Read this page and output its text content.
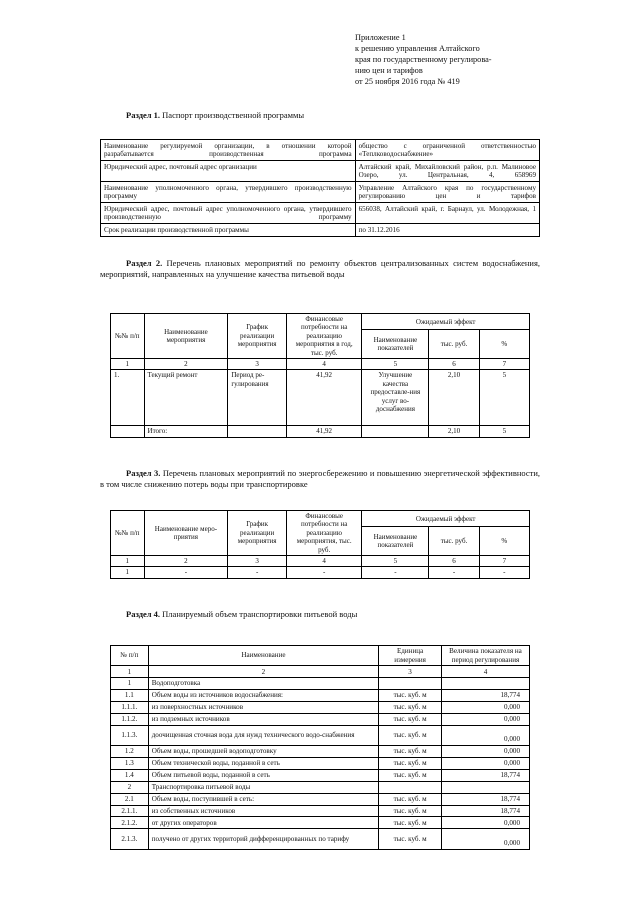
Приложение 1
к решению управления Алтайского
края по государственному регулирова-
нию цен и тарифов
от 25 ноября 2016 года № 419

Раздел 1. Паспорт производственной программы

Наименование регулируемой организации, в отношении которой разрабатывается производственная программа	общество с ограниченной ответственностью «Теплководоснабжение»
Юридический адрес, почтовый адрес организации	Алтайский край, Михайловский район, р.п. Малиновое Озеро, ул. Центральная, 4, 658969
Наименование уполномоченного органа, утвердившего производственную программу	Управление Алтайского края по государственному регулированию цен и тарифов
Юридический адрес, почтовый адрес уполномоченного органа, утвердившего производственную программу	656038, Алтайский край, г. Барнаул, ул. Молодежная, 1
Срок реализации производственной программы	по 31.12.2016

Раздел 2. Перечень плановых мероприятий по ремонту объектов централизованных систем водоснабжения, мероприятий, направленных на улучшение качества питьевой воды

№№ п/п	Наименование мероприятия	График реализации мероприятия	Финансовые потребности на реализацию мероприятия в год, тыс. руб.	Ожидаемый эффект		
				Наименование показателей	тыс. руб.	%
1	2	3	4	5	6	7
1.	Текущий ремонт	Период ре-гулирования	41,92	Улучшение качества предоставле-ния услуг во-доснабжения	2,10	5
	Итого:		41,92		2,10	5

Раздел 3. Перечень плановых мероприятий по энергосбережению и повышению энергетической эффективности, в том числе снижению потерь воды при транспортировке

№№ п/п	Наименование меро-приятия	График реализации мероприятия	Финансовые потребности на реализацию мероприятия, тыс. руб.	Ожидаемый эффект		
				Наименование показателей	тыс. руб.	%
1	2	3	4	5	6	7
1	-	-	-	-	-	-

Раздел 4. Планируемый объем транспортировки питьевой воды

№ п/п	Наименование	Единица измерения	Величина показателя на период регулирования
1	2	3	4
1	Водоподготовка		
1.1	Объем воды из источников водоснабжения:	тыс. куб. м	18,774
1.1.1.	из поверхностных источников	тыс. куб. м	0,000
1.1.2.	из подземных источников	тыс. куб. м	0,000
1.1.3.	доочищенная сточная вода для нужд технического водо-снабжения	тыс. куб. м	0,000
1.2	Объем воды, прошедшей водоподготовку	тыс. куб. м	0,000
1.3	Объем технической воды, поданной в сеть	тыс. куб. м	0,000
1.4	Объем питьевой воды, поданной в сеть	тыс. куб. м	18,774
2	Транспортировка питьевой воды		
2.1	Объем воды, поступившей в сеть:	тыс. куб. м	18,774
2.1.1.	из собственных источников	тыс. куб. м	18,774
2.1.2.	от других операторов	тыс. куб. м	0,000
2.1.3.	получено от других территорий дифференцированных по тарифу	тыс. куб. м	0,000
